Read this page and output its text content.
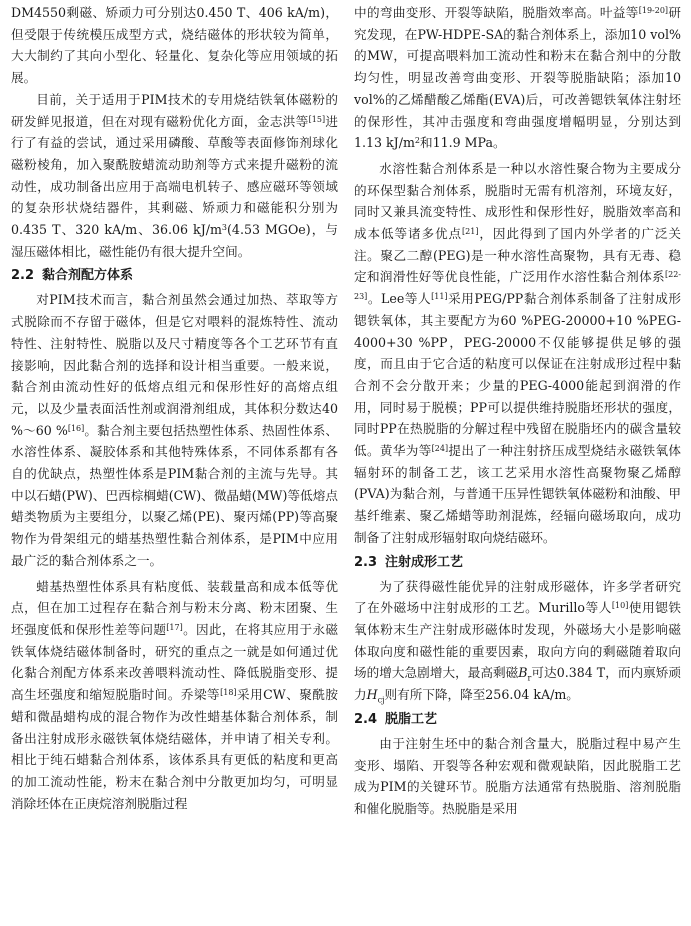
DM4550剩磁、矫顽力可分别达0.450 T、406 kA/m)，但受限于传统模压成型方式，烧结磁体的形状较为简单，大大制约了其向小型化、轻量化、复杂化等应用领域的拓展。

目前，关于适用于PIM技术的专用烧结铁氧体磁粉的研发鲜见报道，但在对现有磁粉优化方面，金志洪等[15]进行了有益的尝试，通过采用磷酸、草酸等表面修饰剂球化磁粉棱角，加入聚酰胺蜡流动助剂等方式来提升磁粉的流动性，成功制备出应用于高端电机转子、感应磁环等领域的复杂形状烧结器件，其剩磁、矫顽力和磁能积分别为0.435 T、320 kA/m、36.06 $kJ/m^3(4.53$ MGOe)，与湿压磁体相比，磁性能仍有很大提升空间。

2.2 黏合剂配方体系

对PIM技术而言，黏合剂虽然会通过加热、萃取等方式脱除而不存留于磁体，但是它对喂料的混炼特性、流动特性、注射特性、脱脂以及尺寸精度等各个工艺环节有直接影响，因此黏合剂的选择和设计相当重要。一般来说，黏合剂由流动性好的低熔点组元和保形性好的高熔点组元，以及少量表面活性剂或润滑剂组成，其体积分数达40 %～60 %[16]。黏合剂主要包括热塑性体系、热固性体系、水溶性体系、凝胶体系和其他特殊体系，不同体系都有各自的优缺点，热塑性体系是PIM黏合剂的主流与先导。其中以石蜡(PW)、巴西棕榈蜡(CW)、微晶蜡(MW)等低熔点蜡类物质为主要组分，以聚乙烯(PE)、聚丙烯(PP)等高聚物作为骨架组元的蜡基热塑性黏合剂体系，是PIM中应用最广泛的黏合剂体系之一。

蜡基热塑性体系具有粘度低、装载量高和成本低等优点，但在加工过程存在黏合剂与粉末分离、粉末团聚、生坯强度低和保形性差等问题[17]。因此，在将其应用于永磁铁氧体烧结磁体制备时，研究的重点之一就是如何通过优化黏合剂配方体系来改善喂料流动性、降低脱脂变形、提高生坯强度和缩短脱脂时间。乔梁等[18]采用CW、聚酰胺蜡和微晶蜡构成的混合物作为改性蜡基体黏合剂体系，制备出注射成形永磁铁氧体烧结磁体，并申请了相关专利。相比于纯石蜡黏合剂体系，该体系具有更低的粘度和更高的加工流动性能，粉末在黏合剂中分散更加均匀，可明显消除坯体在正庚烷溶剂脱脂过程

中的弯曲变形、开裂等缺陷，脱脂效率高。叶益等[19-20]研究发现，在PW-HDPE-SA的黏合剂体系上，添加10 vol%的MW，可提高喂料加工流动性和粉末在黏合剂中的分散均匀性，明显改善弯曲变形、开裂等脱脂缺陷；添加10 vol%的乙烯醋酸乙烯酯(EVA)后，可改善锶铁氧体注射坯的保形性，其冲击强度和弯曲强度增幅明显，分别达到1.13 $kJ/m^2$和11.9 MPa。

水溶性黏合剂体系是一种以水溶性聚合物为主要成分的环保型黏合剂体系，脱脂时无需有机溶剂，环境友好，同时又兼具流变特性、成形性和保形性好，脱脂效率高和成本低等诸多优点[21]，因此得到了国内外学者的广泛关注。聚乙二醇(PEG)是一种水溶性高聚物，具有无毒、稳定和润滑性好等优良性能，广泛用作水溶性黏合剂体系[22-23]。Lee等人[11]采用PEG/PP黏合剂体系制备了注射成形锶铁氧体，其主要配方为60 %PEG-20000+10 %PEG-4000+30 %PP，PEG-20000不仅能够提供足够的强度，而且由于它合适的粘度可以保证在注射成形过程中黏合剂不会分散开来；少量的PEG-4000能起到润滑的作用，同时易于脱模；PP可以提供维持脱脂坯形状的强度，同时PP在热脱脂的分解过程中残留在脱脂坯内的碳含量较低。黄华为等[24]提出了一种注射挤压成型烧结永磁铁氧体辐射环的制备工艺，该工艺采用水溶性高聚物聚乙烯醇(PVA)为黏合剂，与普通干压异性锶铁氧体磁粉和油酸、甲基纤维素、聚乙烯蜡等助剂混炼，经辐向磁场取向，成功制备了注射成形辐射取向烧结磁环。

2.3 注射成形工艺

为了获得磁性能优异的注射成形磁体，许多学者研究了在外磁场中注射成形的工艺。Murillo等人[10]使用锶铁氧体粉末生产注射成形磁体时发现，外磁场大小是影响磁体取向度和磁性能的重要因素，取向方向的剩磁随着取向场的增大急剧增大，最高剩磁$B_r$可达0.384 T，而内禀矫顽力$H_{cj}$则有所下降，降至256.04 kA/m。

2.4 脱脂工艺

由于注射生坯中的黏合剂含量大，脱脂过程中易产生变形、塌陷、开裂等各种宏观和微观缺陷，因此脱脂工艺成为PIM的关键环节。脱脂方法通常有热脱脂、溶剂脱脂和催化脱脂等。热脱脂是采用
